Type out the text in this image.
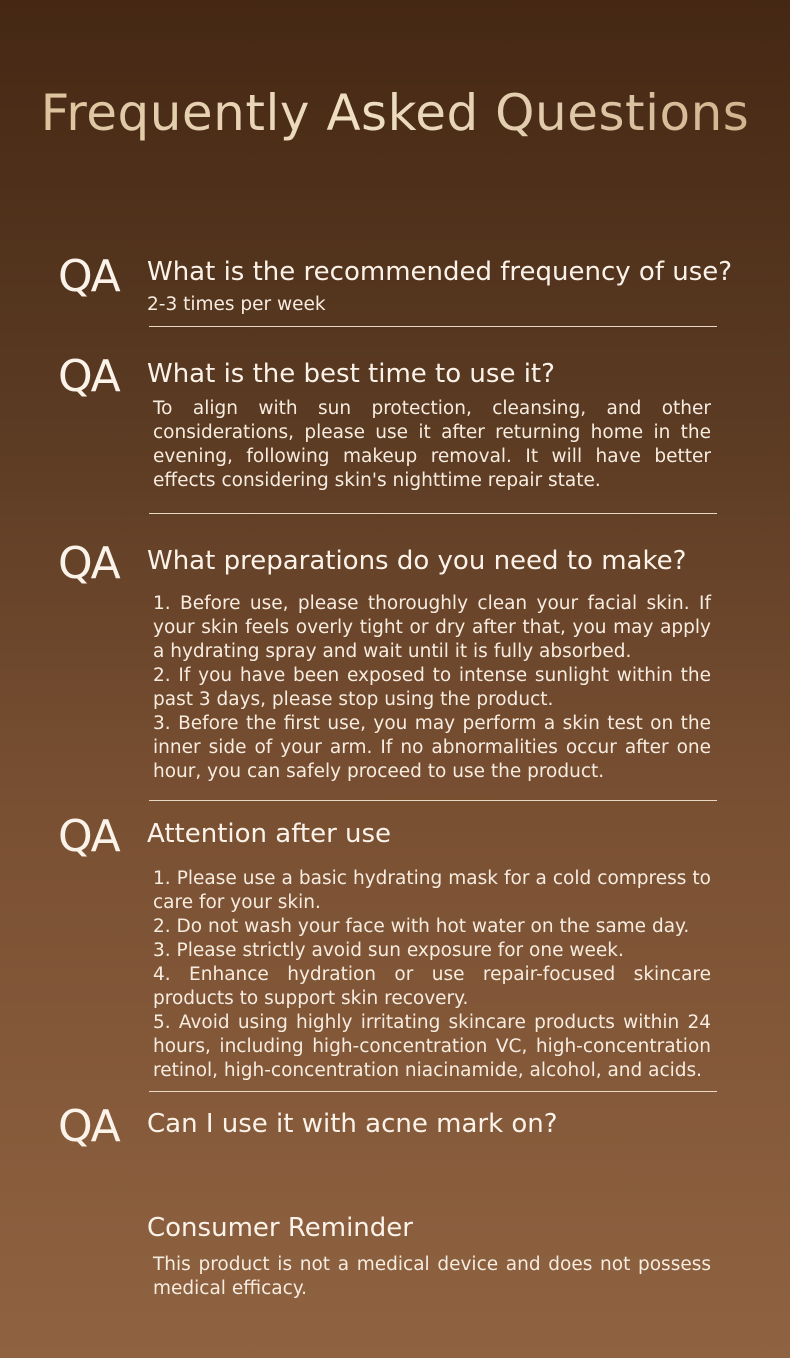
Frequently Asked Questions
QA What is the recommended frequency of use?

2-3 times per week

QA What is the best time to use it?

To align with sun protection, cleansing, and other considerations, please use it after returning home in the evening, following makeup removal. It will have better effects considering skin's nighttime repair state.

QA What preparations do you need to make?

1. Before use, please thoroughly clean your facial skin. If your skin feels overly tight or dry after that, you may apply a hydrating spray and wait until it is fully absorbed.

2. If you have been exposed to intense sunlight within the past 3 days, please stop using the product.

3. Before the first use, you may perform a skin test on the inner side of your arm. If no abnormalities occur after one hour, you can safely proceed to use the product.

QA Attention after use

1. Please use a basic hydrating mask for a cold compress to care for your skin.

2. Do not wash your face with hot water on the same day.

3. Please strictly avoid sun exposure for one week.

4. Enhance hydration or use repair-focused skincare products to support skin recovery.

5. Avoid using highly irritating skincare products within 24 hours, including high-concentration VC, high-concentration retinol, high-concentration niacinamide, alcohol, and acids.

QA Can I use it with acne mark on?
Consumer Reminder

This product is not a medical device and does not possess medical efficacy.
